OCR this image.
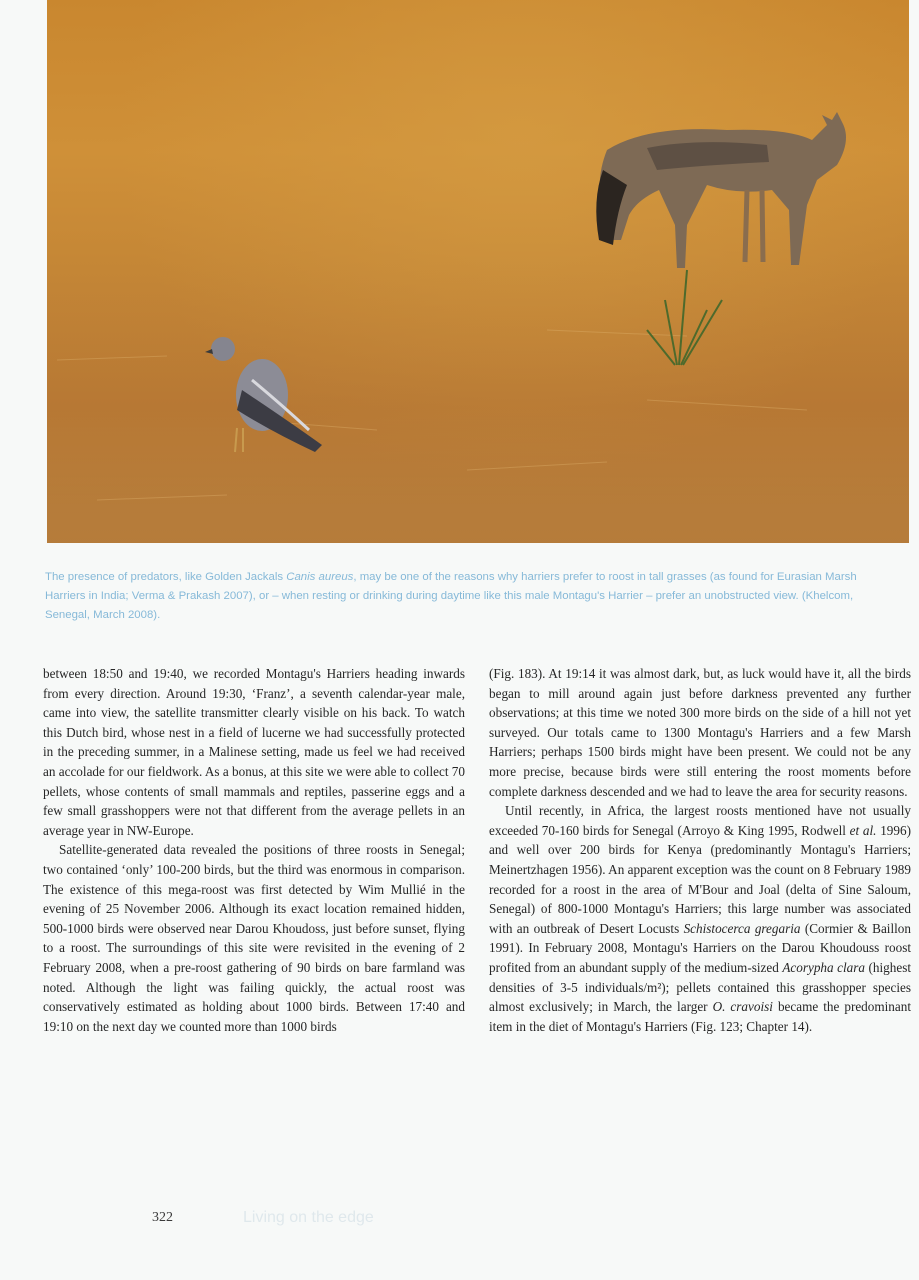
The presence of predators, like Golden Jackals Canis aureus, may be one of the reasons why harriers prefer to roost in tall grasses (as found for Eurasian Marsh Harriers in India; Verma & Prakash 2007), or – when resting or drinking during daytime like this male Montagu's Harrier – prefer an unobstructed view. (Khelcom, Senegal, March 2008).

between 18:50 and 19:40, we recorded Montagu's Harriers heading inwards from every direction. Around 19:30, ‘Franz’, a seventh calendar-year male, came into view, the satellite transmitter clearly visible on his back. To watch this Dutch bird, whose nest in a field of lucerne we had successfully protected in the preceding summer, in a Malinese setting, made us feel we had received an accolade for our fieldwork. As a bonus, at this site we were able to collect 70 pellets, whose contents of small mammals and reptiles, passerine eggs and a few small grasshoppers were not that different from the average pellets in an average year in NW-Europe.

Satellite-generated data revealed the positions of three roosts in Senegal; two contained ‘only’ 100-200 birds, but the third was enormous in comparison. The existence of this mega-roost was first detected by Wim Mullié in the evening of 25 November 2006. Although its exact location remained hidden, 500-1000 birds were observed near Darou Khoudoss, just before sunset, flying to a roost. The surroundings of this site were revisited in the evening of 2 February 2008, when a pre-roost gathering of 90 birds on bare farmland was noted. Although the light was failing quickly, the actual roost was conservatively estimated as holding about 1000 birds. Between 17:40 and 19:10 on the next day we counted more than 1000 birds

(Fig. 183). At 19:14 it was almost dark, but, as luck would have it, all the birds began to mill around again just before darkness prevented any further observations; at this time we noted 300 more birds on the side of a hill not yet surveyed. Our totals came to 1300 Montagu's Harriers and a few Marsh Harriers; perhaps 1500 birds might have been present. We could not be any more precise, because birds were still entering the roost moments before complete darkness descended and we had to leave the area for security reasons.

Until recently, in Africa, the largest roosts mentioned have not usually exceeded 70-160 birds for Senegal (Arroyo & King 1995, Rodwell et al. 1996) and well over 200 birds for Kenya (predominantly Montagu's Harriers; Meinertzhagen 1956). An apparent exception was the count on 8 February 1989 recorded for a roost in the area of M'Bour and Joal (delta of Sine Saloum, Senegal) of 800-1000 Montagu's Harriers; this large number was associated with an outbreak of Desert Locusts Schistocerca gregaria (Cormier & Baillon 1991). In February 2008, Montagu's Harriers on the Darou Khoudouss roost profited from an abundant supply of the medium-sized Acorypha clara (highest densities of 3-5 individuals/m²); pellets contained this grasshopper species almost exclusively; in March, the larger O. cravoisi became the predominant item in the diet of Montagu's Harriers (Fig. 123; Chapter 14).

322	Living on the edge
